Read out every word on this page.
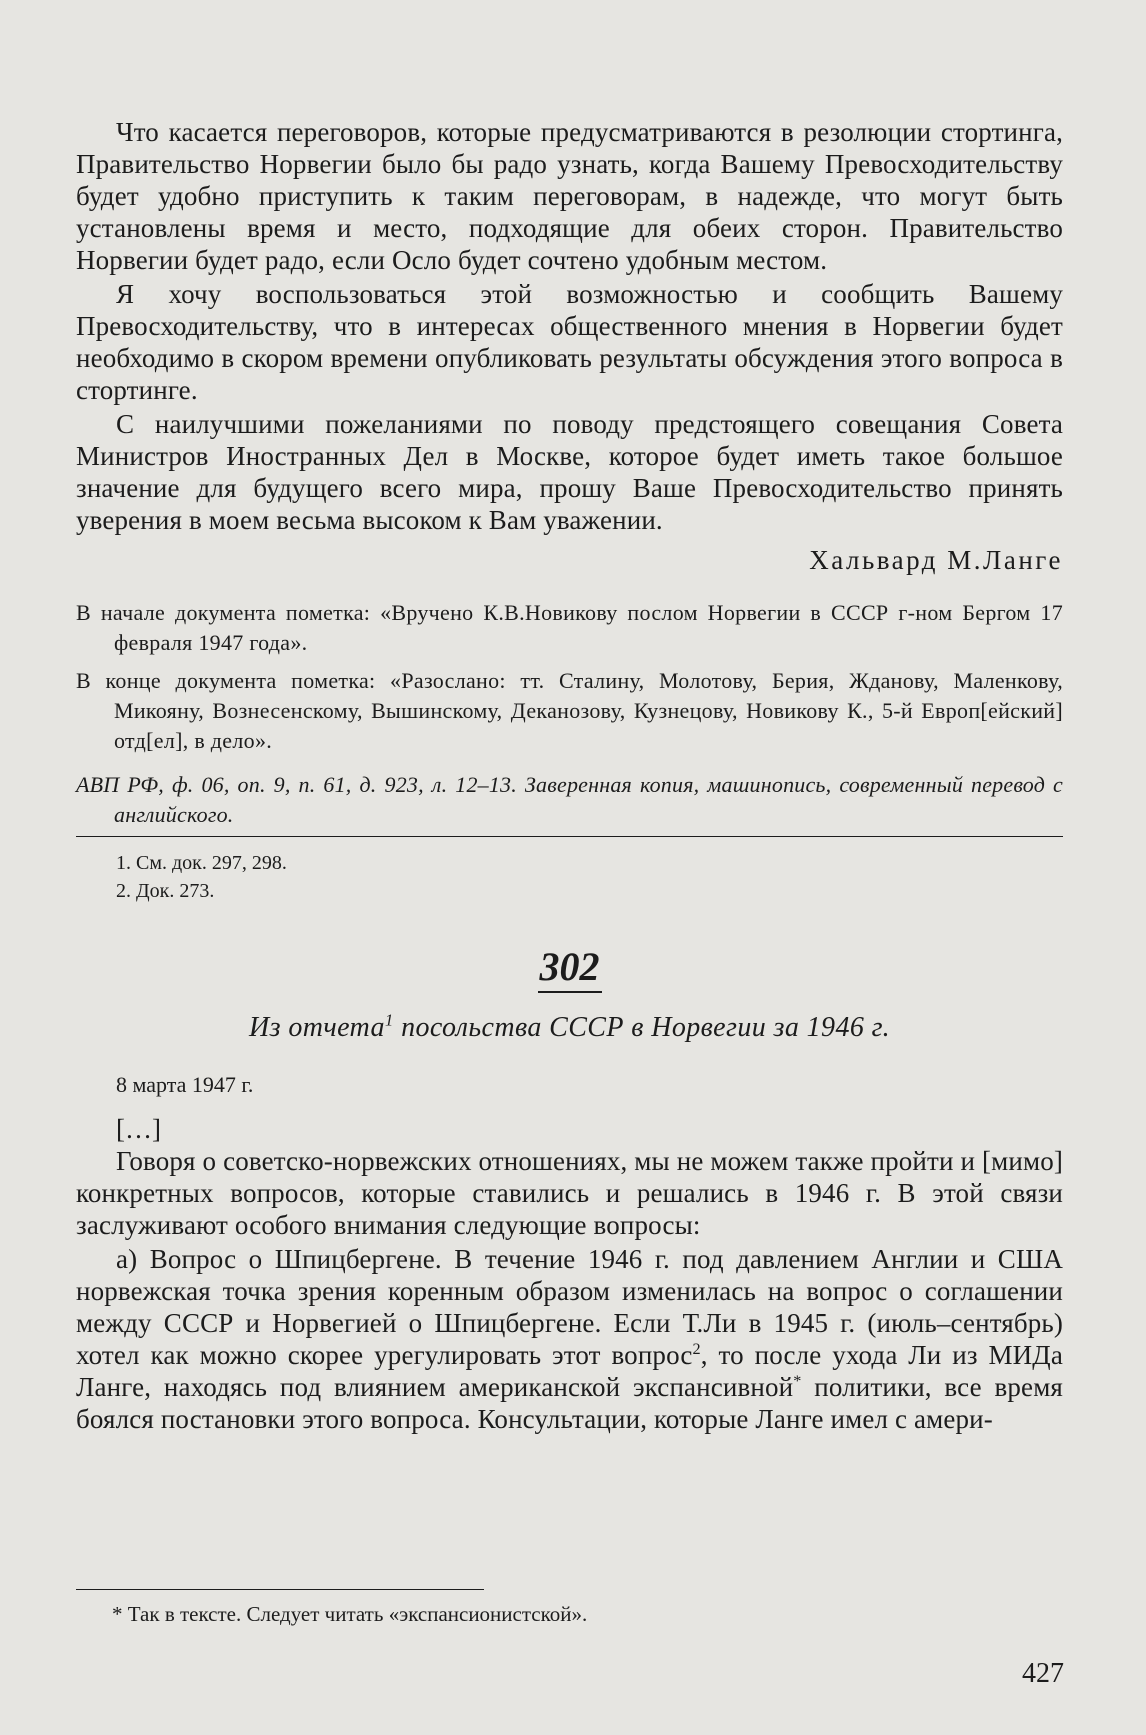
Что касается переговоров, которые предусматриваются в резолюции стортинга, Правительство Норвегии было бы радо узнать, когда Вашему Превосходительству будет удобно приступить к таким переговорам, в надежде, что могут быть установлены время и место, подходящие для обеих сторон. Правительство Норвегии будет радо, если Осло будет сочтено удобным местом.

Я хочу воспользоваться этой возможностью и сообщить Вашему Превосходительству, что в интересах общественного мнения в Норвегии будет необходимо в скором времени опубликовать результаты обсуждения этого вопроса в стортинге.

С наилучшими пожеланиями по поводу предстоящего совещания Совета Министров Иностранных Дел в Москве, которое будет иметь такое большое значение для будущего всего мира, прошу Ваше Превосходительство принять уверения в моем весьма высоком к Вам уважении.

Хальвард М.Ланге

В начале документа пометка: «Вручено К.В.Новикову послом Норвегии в СССР г-ном Бергом 17 февраля 1947 года».

В конце документа пометка: «Разослано: тт. Сталину, Молотову, Берия, Жданову, Маленкову, Микояну, Вознесенскому, Вышинскому, Деканозову, Кузнецову, Новикову К., 5-й Европ[ейский] отд[ел], в дело».

АВП РФ, ф. 06, оп. 9, п. 61, д. 923, л. 12–13. Заверенная копия, машинопись, современный перевод с английского.

1. См. док. 297, 298.

2. Док. 273.

302

Из отчета$^1$ посольства СССР в Норвегии за 1946 г.

8 марта 1947 г.

[…]

Говоря о советско-норвежских отношениях, мы не можем также пройти и [мимо] конкретных вопросов, которые ставились и решались в 1946 г. В этой связи заслуживают особого внимания следующие вопросы:

а) Вопрос о Шпицбергене. В течение 1946 г. под давлением Англии и США норвежская точка зрения коренным образом изменилась на вопрос о соглашении между СССР и Норвегией о Шпицбергене. Если Т.Ли в 1945 г. (июль–сентябрь) хотел как можно скорее урегулировать этот вопрос$^2$, то после ухода Ли из МИДа Ланге, находясь под влиянием американской экспансивной* политики, все время боялся постановки этого вопроса. Консультации, которые Ланге имел с амери-

* Так в тексте. Следует читать «экспансионистской».

427
